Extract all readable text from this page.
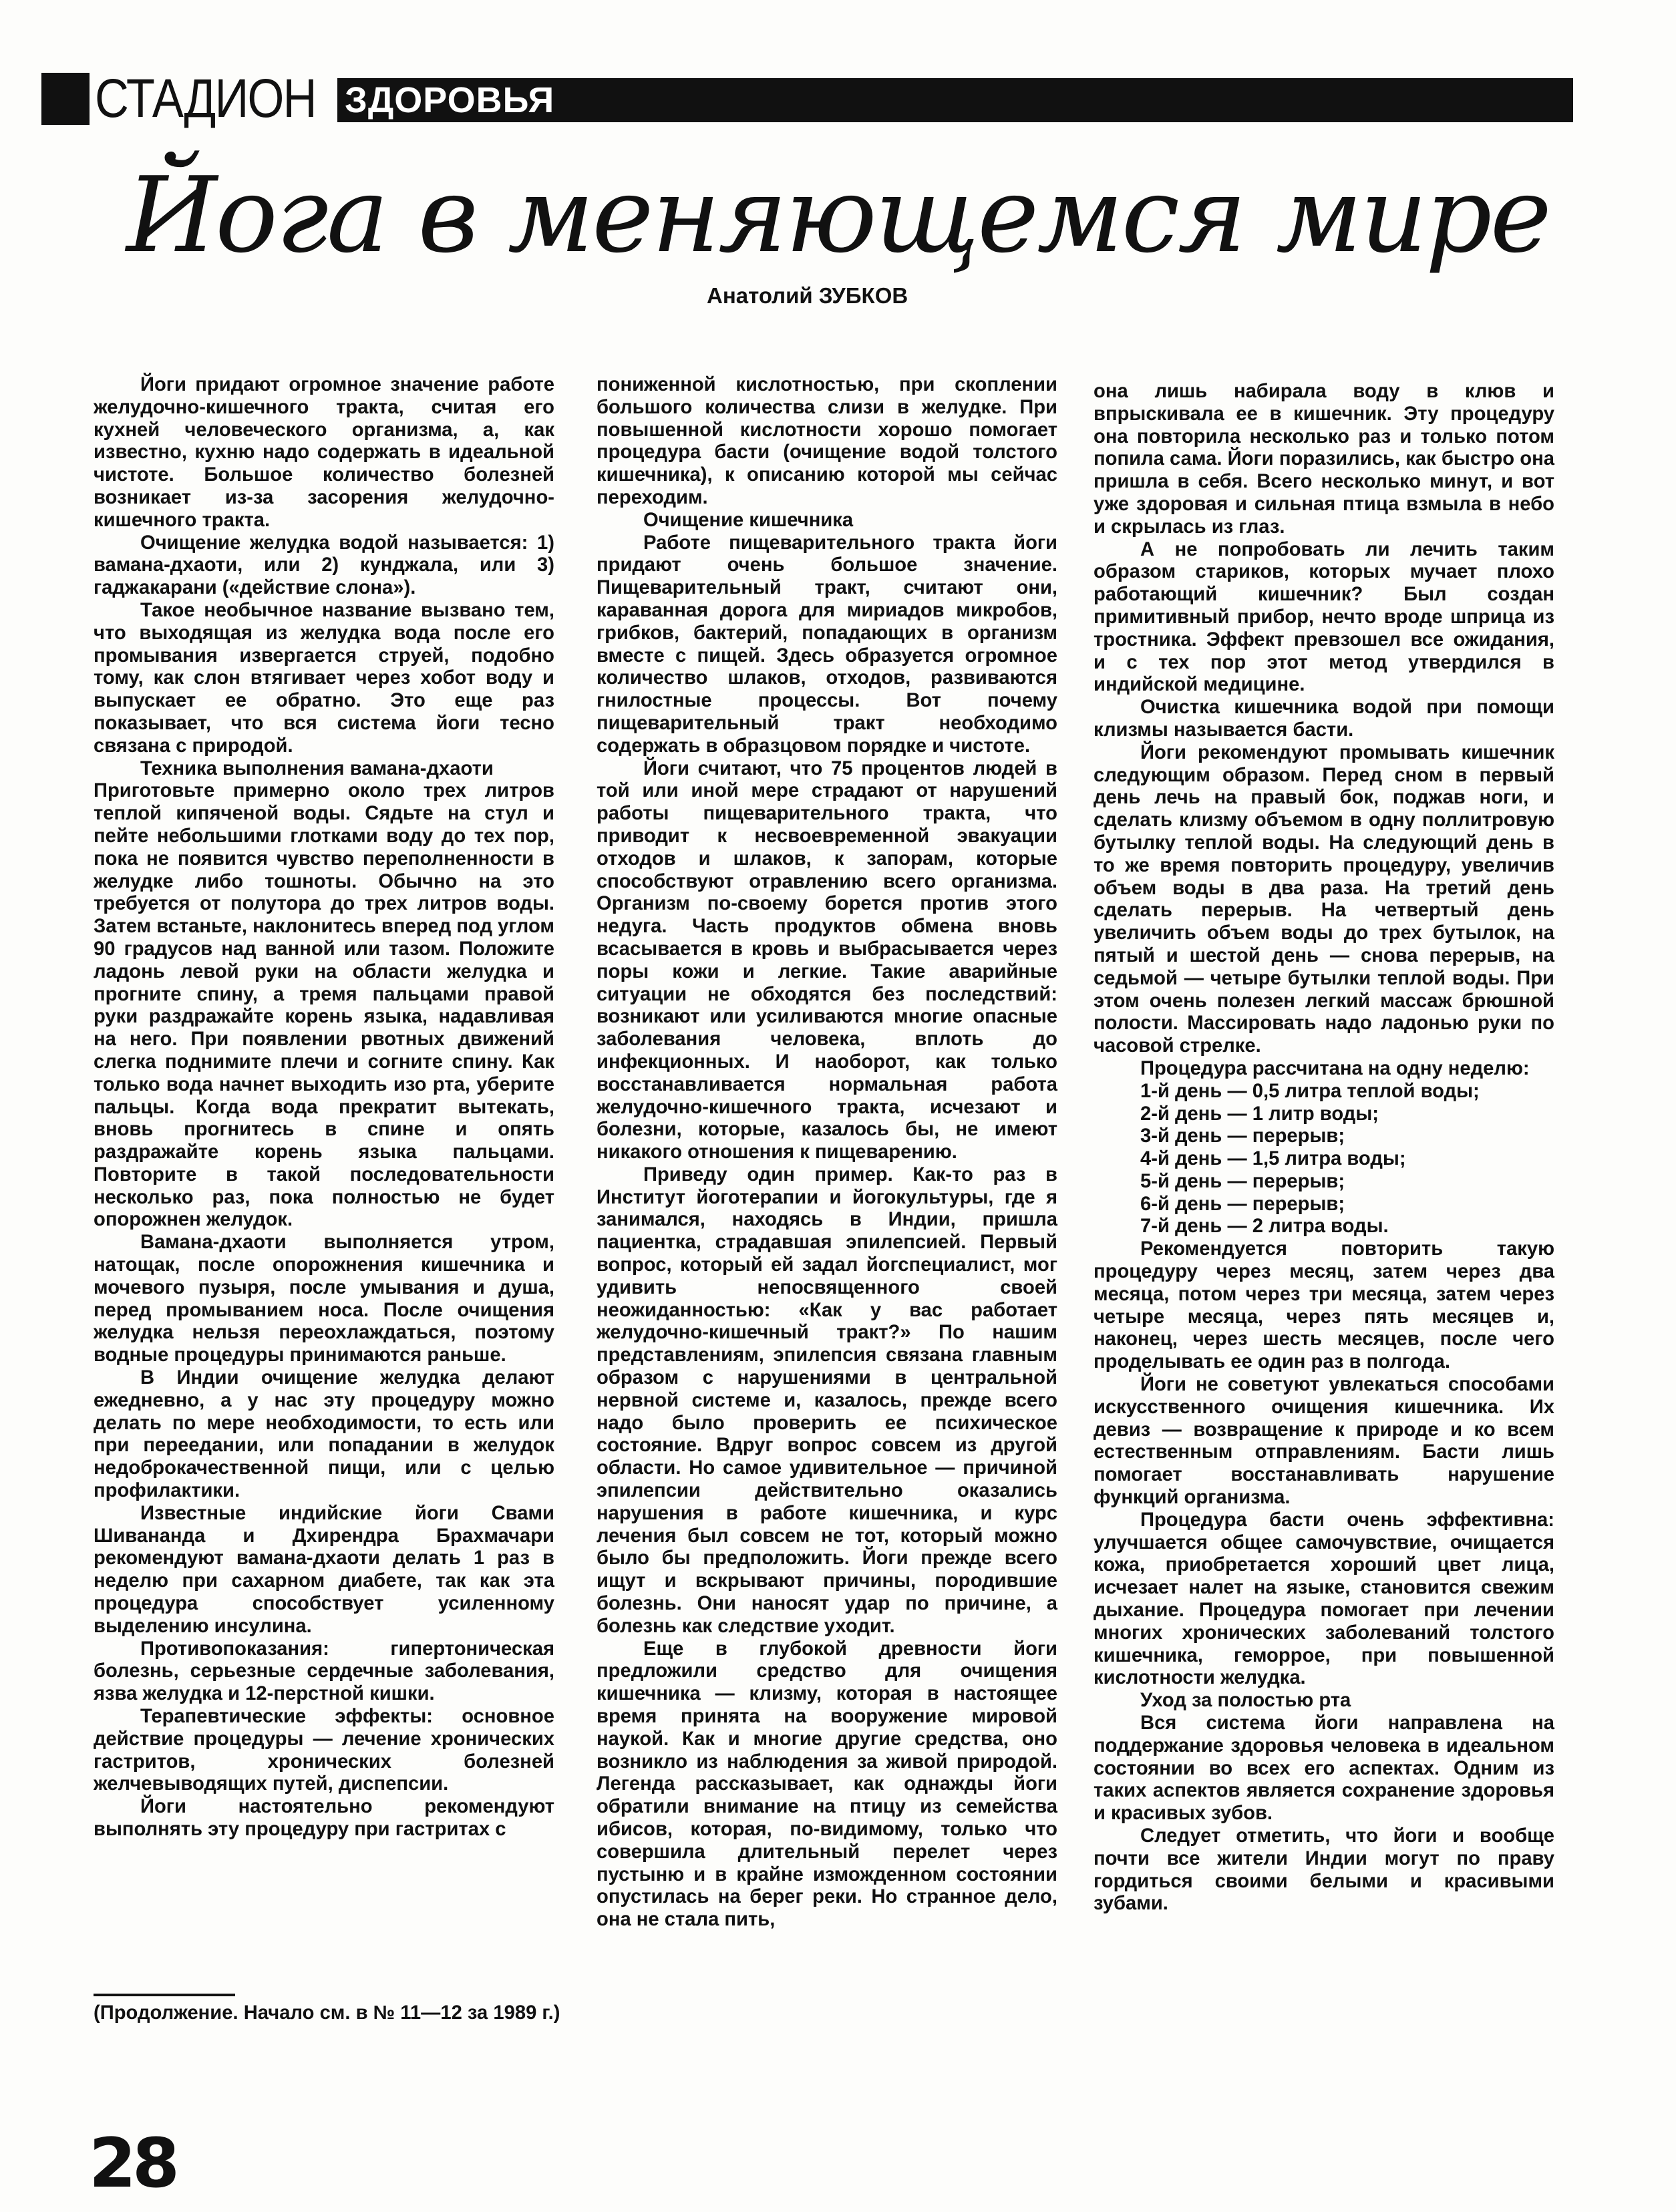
СТАДИОН ЗДОРОВЬЯ
Йога в меняющемся мире
Анатолий ЗУБКОВ

Йоги придают огромное значение работе желудочно-кишечного тракта, считая его кухней человеческого организма, а, как известно, кухню надо содержать в идеальной чистоте. Большое количество болезней возникает из-за засорения желудочно-кишечного тракта.

Очищение желудка водой называется: 1) вамана-дхаоти, или 2) кунджала, или 3) гаджакарани («действие слона»).

Такое необычное название вызвано тем, что выходящая из желудка вода после его промывания извергается струей, подобно тому, как слон втягивает через хобот воду и выпускает ее обратно. Это еще раз показывает, что вся система йоги тесно связана с природой.

Техника выполнения вамана-дхаоти

Приготовьте примерно около трех литров теплой кипяченой воды. Сядьте на стул и пейте небольшими глотками воду до тех пор, пока не появится чувство переполненности в желудке либо тошноты. Обычно на это требуется от полутора до трех литров воды. Затем встаньте, наклонитесь вперед под углом 90 градусов над ванной или тазом. Положите ладонь левой руки на области желудка и прогните спину, а тремя пальцами правой руки раздражайте корень языка, надавливая на него. При появлении рвотных движений слегка поднимите плечи и согните спину. Как только вода начнет выходить изо рта, уберите пальцы. Когда вода прекратит вытекать, вновь прогнитесь в спине и опять раздражайте корень языка пальцами. Повторите в такой последовательности несколько раз, пока полностью не будет опорожнен желудок.

Вамана-дхаоти выполняется утром, натощак, после опорожнения кишечника и мочевого пузыря, после умывания и душа, перед промыванием носа. После очищения желудка нельзя переохлаждаться, поэтому водные процедуры принимаются раньше.

В Индии очищение желудка делают ежедневно, а у нас эту процедуру можно делать по мере необходимости, то есть или при переедании, или попадании в желудок недоброкачественной пищи, или с целью профилактики.

Известные индийские йоги Свами Шивананда и Дхирендра Брахмачари рекомендуют вамана-дхаоти делать 1 раз в неделю при сахарном диабете, так как эта процедура способствует усиленному выделению инсулина.

Противопоказания: гипертоническая болезнь, серьезные сердечные заболевания, язва желудка и 12-перстной кишки.

Терапевтические эффекты: основное действие процедуры — лечение хронических гастритов, хронических болезней желчевыводящих путей, диспепсии.

Йоги настоятельно рекомендуют выполнять эту процедуру при гастритах с

пониженной кислотностью, при скоплении большого количества слизи в желудке. При повышенной кислотности хорошо помогает процедура басти (очищение водой толстого кишечника), к описанию которой мы сейчас переходим.

Очищение кишечника

Работе пищеварительного тракта йоги придают очень большое значение. Пищеварительный тракт, считают они, караванная дорога для мириадов микробов, грибков, бактерий, попадающих в организм вместе с пищей. Здесь образуется огромное количество шлаков, отходов, развиваются гнилостные процессы. Вот почему пищеварительный тракт необходимо содержать в образцовом порядке и чистоте.

Йоги считают, что 75 процентов людей в той или иной мере страдают от нарушений работы пищеварительного тракта, что приводит к несвоевременной эвакуации отходов и шлаков, к запорам, которые способствуют отравлению всего организма. Организм по-своему борется против этого недуга. Часть продуктов обмена вновь всасывается в кровь и выбрасывается через поры кожи и легкие. Такие аварийные ситуации не обходятся без последствий: возникают или усиливаются многие опасные заболевания человека, вплоть до инфекционных. И наоборот, как только восстанавливается нормальная работа желудочно-кишечного тракта, исчезают и болезни, которые, казалось бы, не имеют никакого отношения к пищеварению.

Приведу один пример. Как-то раз в Институт йоготерапии и йогокультуры, где я занимался, находясь в Индии, пришла пациентка, страдавшая эпилепсией. Первый вопрос, который ей задал йогспециалист, мог удивить непосвященного своей неожиданностью: «Как у вас работает желудочно-кишечный тракт?» По нашим представлениям, эпилепсия связана главным образом с нарушениями в центральной нервной системе и, казалось, прежде всего надо было проверить ее психическое состояние. Вдруг вопрос совсем из другой области. Но самое удивительное — причиной эпилепсии действительно оказались нарушения в работе кишечника, и курс лечения был совсем не тот, который можно было бы предположить. Йоги прежде всего ищут и вскрывают причины, породившие болезнь. Они наносят удар по причине, а болезнь как следствие уходит.

Еще в глубокой древности йоги предложили средство для очищения кишечника — клизму, которая в настоящее время принята на вооружение мировой наукой. Как и многие другие средства, оно возникло из наблюдения за живой природой. Легенда рассказывает, как однажды йоги обратили внимание на птицу из семейства ибисов, которая, по-видимому, только что совершила длительный перелет через пустыню и в крайне изможденном состоянии опустилась на берег реки. Но странное дело, она не стала пить,

она лишь набирала воду в клюв и впрыскивала ее в кишечник. Эту процедуру она повторила несколько раз и только потом попила сама. Йоги поразились, как быстро она пришла в себя. Всего несколько минут, и вот уже здоровая и сильная птица взмыла в небо и скрылась из глаз.

А не попробовать ли лечить таким образом стариков, которых мучает плохо работающий кишечник? Был создан примитивный прибор, нечто вроде шприца из тростника. Эффект превзошел все ожидания, и с тех пор этот метод утвердился в индийской медицине.

Очистка кишечника водой при помощи клизмы называется басти.

Йоги рекомендуют промывать кишечник следующим образом. Перед сном в первый день лечь на правый бок, поджав ноги, и сделать клизму объемом в одну поллитровую бутылку теплой воды. На следующий день в то же время повторить процедуру, увеличив объем воды в два раза. На третий день сделать перерыв. На четвертый день увеличить объем воды до трех бутылок, на пятый и шестой день — снова перерыв, на седьмой — четыре бутылки теплой воды. При этом очень полезен легкий массаж брюшной полости. Массировать надо ладонью руки по часовой стрелке.

Процедура рассчитана на одну неделю:

1-й день — 0,5 литра теплой воды;

2-й день — 1 литр воды;

3-й день — перерыв;

4-й день — 1,5 литра воды;

5-й день — перерыв;

6-й день — перерыв;

7-й день — 2 литра воды.

Рекомендуется повторить такую процедуру через месяц, затем через два месяца, потом через три месяца, затем через четыре месяца, через пять месяцев и, наконец, через шесть месяцев, после чего проделывать ее один раз в полгода.

Йоги не советуют увлекаться способами искусственного очищения кишечника. Их девиз — возвращение к природе и ко всем естественным отправлениям. Басти лишь помогает восстанавливать нарушение функций организма.

Процедура басти очень эффективна: улучшается общее самочувствие, очищается кожа, приобретается хороший цвет лица, исчезает налет на языке, становится свежим дыхание. Процедура помогает при лечении многих хронических заболеваний толстого кишечника, геморрое, при повышенной кислотности желудка.

Уход за полостью рта

Вся система йоги направлена на поддержание здоровья человека в идеальном состоянии во всех его аспектах. Одним из таких аспектов является сохранение здоровья и красивых зубов.

Следует отметить, что йоги и вообще почти все жители Индии могут по праву гордиться своими белыми и красивыми зубами.

(Продолжение. Начало см. в № 11—12 за 1989 г.)
28
